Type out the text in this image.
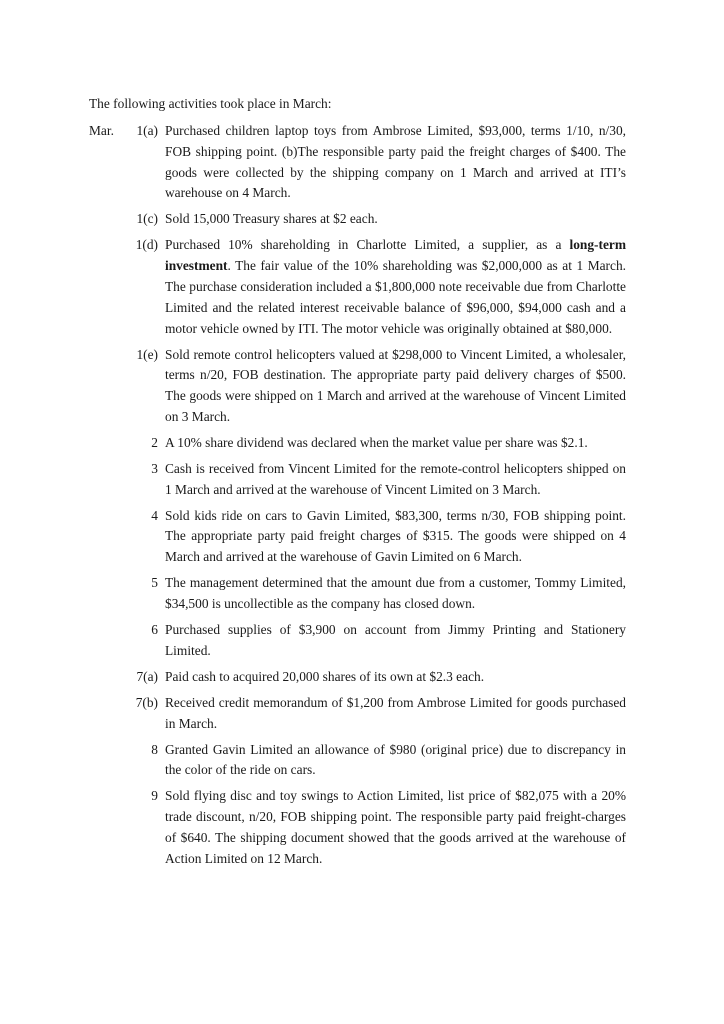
The following activities took place in March:
Mar.	1(a) Purchased children laptop toys from Ambrose Limited, $93,000, terms 1/10, n/30, FOB shipping point. (b)The responsible party paid the freight charges of $400. The goods were collected by the shipping company on 1 March and arrived at ITI’s warehouse on 4 March.
1(c) Sold 15,000 Treasury shares at $2 each.
1(d) Purchased 10% shareholding in Charlotte Limited, a supplier, as a long-term investment. The fair value of the 10% shareholding was $2,000,000 as at 1 March. The purchase consideration included a $1,800,000 note receivable due from Charlotte Limited and the related interest receivable balance of $96,000, $94,000 cash and a motor vehicle owned by ITI. The motor vehicle was originally obtained at $80,000.
1(e) Sold remote control helicopters valued at $298,000 to Vincent Limited, a wholesaler, terms n/20, FOB destination. The appropriate party paid delivery charges of $500. The goods were shipped on 1 March and arrived at the warehouse of Vincent Limited on 3 March.
2 A 10% share dividend was declared when the market value per share was $2.1.
3 Cash is received from Vincent Limited for the remote-control helicopters shipped on 1 March and arrived at the warehouse of Vincent Limited on 3 March.
4 Sold kids ride on cars to Gavin Limited, $83,300, terms n/30, FOB shipping point. The appropriate party paid freight charges of $315. The goods were shipped on 4 March and arrived at the warehouse of Gavin Limited on 6 March.
5 The management determined that the amount due from a customer, Tommy Limited, $34,500 is uncollectible as the company has closed down.
6 Purchased supplies of $3,900 on account from Jimmy Printing and Stationery Limited.
7(a) Paid cash to acquired 20,000 shares of its own at $2.3 each.
7(b) Received credit memorandum of $1,200 from Ambrose Limited for goods purchased in March.
8 Granted Gavin Limited an allowance of $980 (original price) due to discrepancy in the color of the ride on cars.
9 Sold flying disc and toy swings to Action Limited, list price of $82,075 with a 20% trade discount, n/20, FOB shipping point. The responsible party paid freight-charges of $640. The shipping document showed that the goods arrived at the warehouse of Action Limited on 12 March.
